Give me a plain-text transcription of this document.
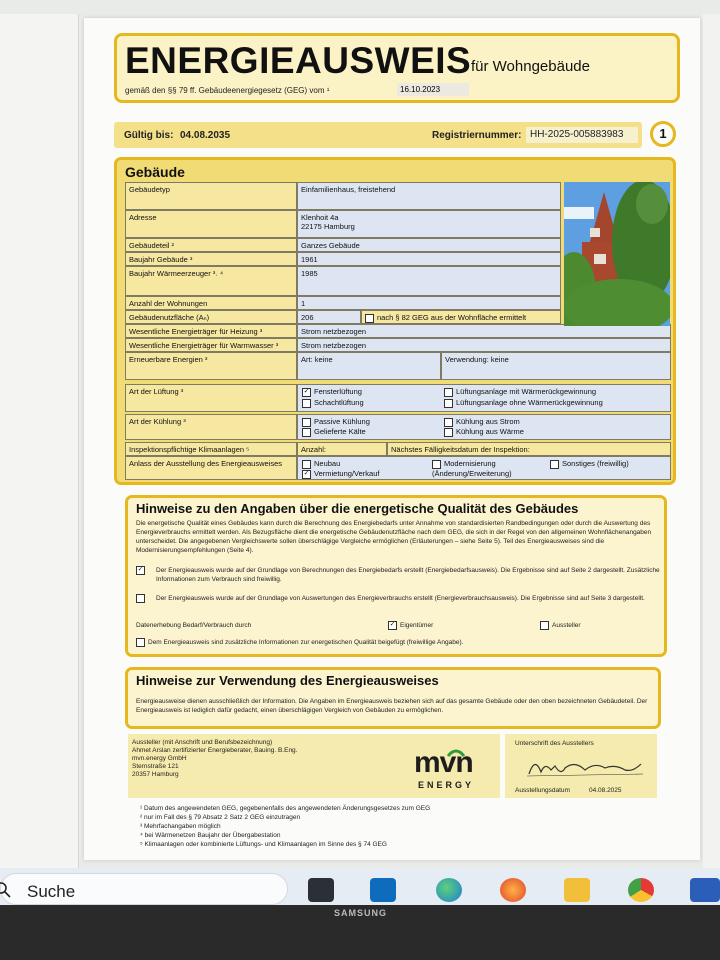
ENERGIEAUSWEIS für Wohngebäude
gemäß den §§ 79 ff. Gebäudeenergiegesetz (GEG) vom ¹	16.10.2023
Gültig bis: 04.08.2035	Registriernummer: HH-2025-005883983	1
Gebäude
Gebäudetyp	Einfamilienhaus, freistehend
Adresse	Klenhoit 4a
22175 Hamburg
Gebäudeteil ²	Ganzes Gebäude
Baujahr Gebäude ³	1961
Baujahr Wärmeerzeuger ³˒ ⁴	1985
Anzahl der Wohnungen	1
Gebäudenutzfläche (Aₙ)	206	nach § 82 GEG aus der Wohnfläche ermittelt
Wesentliche Energieträger für Heizung ³	Strom netzbezogen
Wesentliche Energieträger für Warmwasser ³	Strom netzbezogen
Erneuerbare Energien ³	Art: keine	Verwendung: keine
Art der Lüftung ³	✓ Fensterlüftung
Schachtlüftung
Lüftungsanlage mit Wärmerückgewinnung
Lüftungsanlage ohne Wärmerückgewinnung
Art der Kühlung ³	Passive Kühlung
Gelieferte Kälte
Kühlung aus Strom
Kühlung aus Wärme
Inspektionspflichtige Klimaanlagen ⁵	Anzahl:	Nächstes Fälligkeitsdatum der Inspektion:
Anlass der Ausstellung des Energieausweises	Neubau
✓ Vermietung/Verkauf
Modernisierung (Änderung/Erweiterung)
Sonstiges (freiwillig)
Hinweise zu den Angaben über die energetische Qualität des Gebäudes
Die energetische Qualität eines Gebäudes kann durch die Berechnung des Energiebedarfs unter Annahme von standardisierten Randbedingungen oder durch die Auswertung des Energieverbrauchs ermittelt werden. Als Bezugsfläche dient die energetische Gebäudenutzfläche nach dem GEG, die sich in der Regel von den allgemeinen Wohnflächenangaben unterscheidet. Die angegebenen Vergleichswerte sollen überschlägige Vergleiche ermöglichen (Erläuterungen – siehe Seite 5). Teil des Energieausweises sind die Modernisierungsempfehlungen (Seite 4).
✓	Der Energieausweis wurde auf der Grundlage von Berechnungen des Energiebedarfs erstellt (Energiebedarfsausweis). Die Ergebnisse sind auf Seite 2 dargestellt. Zusätzliche Informationen zum Verbrauch sind freiwillig.
Der Energieausweis wurde auf der Grundlage von Auswertungen des Energieverbrauchs erstellt (Energieverbrauchsausweis). Die Ergebnisse sind auf Seite 3 dargestellt.
Datenerhebung Bedarf/Verbrauch durch	✓ Eigentümer	Aussteller
Dem Energieausweis sind zusätzliche Informationen zur energetischen Qualität beigefügt (freiwillige Angabe).
Hinweise zur Verwendung des Energieausweises
Energieausweise dienen ausschließlich der Information. Die Angaben im Energieausweis beziehen sich auf das gesamte Gebäude oder den oben bezeichneten Gebäudeteil. Der Energieausweis ist lediglich dafür gedacht, einen überschlägigen Vergleich von Gebäuden zu ermöglichen.
Aussteller (mit Anschrift und Berufsbezeichnung)
Ahmet Arslan zertifizierter Energieberater, Bauing. B.Eng.
mvn.energy GmbH
Sternstraße 121
20357 Hamburg	mvn
ENERGY
Unterschrift des Ausstellers
Ausstellungsdatum	04.08.2025
¹ Datum des angewendeten GEG, gegebenenfalls des angewendeten Änderungsgesetzes zum GEG
² nur im Fall des § 79 Absatz 2 Satz 2 GEG einzutragen
³ Mehrfachangaben möglich
⁴ bei Wärmenetzen Baujahr der Übergabestation
⁵ Klimaanlagen oder kombinierte Lüftungs- und Klimaanlagen im Sinne des § 74 GEG
Suche
SAMSUNG
